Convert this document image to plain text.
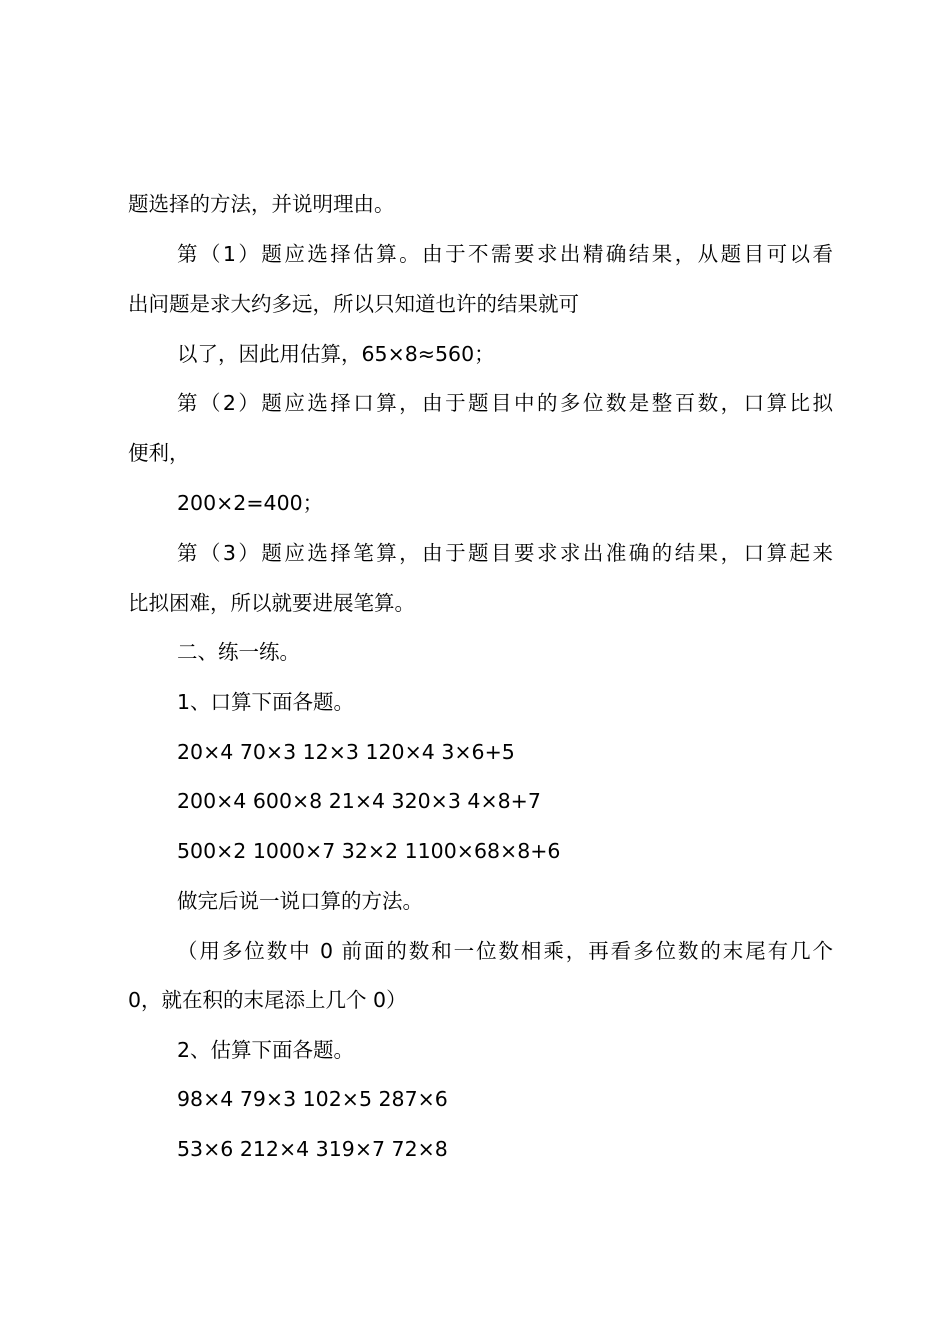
题选择的方法，并说明理由。
第（1）题应选择估算。由于不需要求出精确结果，从题目可以看
出问题是求大约多远，所以只知道也许的结果就可
以了，因此用估算，65×8≈560；
第（2）题应选择口算，由于题目中的多位数是整百数，口算比拟
便利，
200×2=400；
第（3）题应选择笔算，由于题目要求求出准确的结果，口算起来
比拟困难，所以就要进展笔算。
二、练一练。
1、口算下面各题。
20×4 70×3 12×3 120×4 3×6+5
200×4 600×8 21×4 320×3 4×8+7
500×2 1000×7 32×2 1100×68×8+6
做完后说一说口算的方法。
（用多位数中 0 前面的数和一位数相乘，再看多位数的末尾有几个
0，就在积的末尾添上几个 0）
2、估算下面各题。
98×4 79×3 102×5 287×6
53×6 212×4 319×7 72×8
